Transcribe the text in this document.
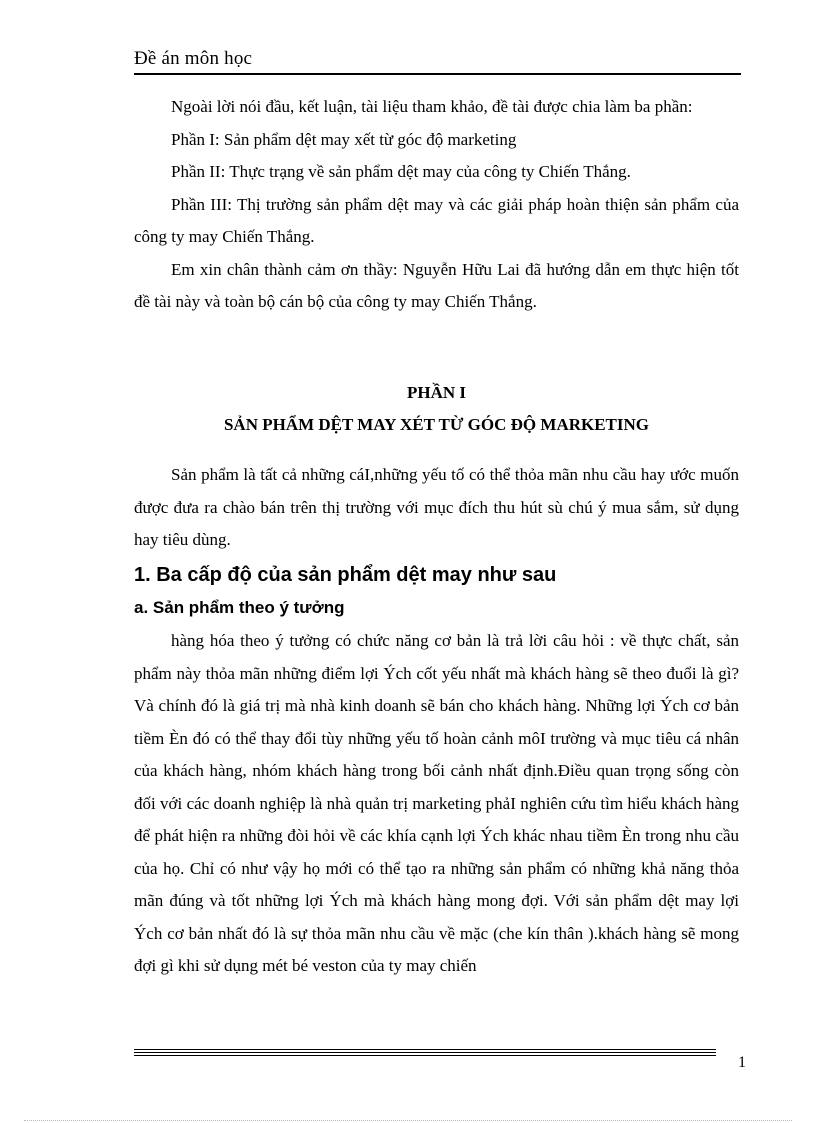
Đề án môn học

Ngoài lời nói đầu, kết luận, tài liệu tham khảo, đề tài được chia làm ba phần:

Phần I: Sản phẩm dệt may xết từ góc độ marketing

Phần II: Thực trạng về sản phẩm dệt may của công ty Chiến Thắng.

Phần III: Thị trường sản phẩm dệt may và các giải pháp hoàn thiện sản phẩm của công ty may Chiến Thắng.

Em xin chân thành cảm ơn thầy: Nguyễn Hữu Lai đã hướng dẫn em thực hiện tốt đề tài này và toàn bộ cán bộ của công ty may Chiến Thắng.

PHẦN I
SẢN PHẨM DỆT MAY XÉT TỪ GÓC ĐỘ MARKETING

Sản phẩm là tất cả những cáI,những yếu tố có thể thỏa mãn nhu cầu hay ước muốn được đưa ra chào bán trên thị trường với mục đích thu hút sù chú ý mua sắm, sử dụng hay tiêu dùng.

1. Ba cấp độ của sản phẩm dệt may như sau
a. Sản phẩm theo ý tưởng

hàng hóa theo ý tưởng có chức năng cơ bản là trả lời câu hỏi : về thực chất, sản phẩm này thỏa mãn những điểm lợi Ých cốt yếu nhất mà khách hàng sẽ theo đuổi là gì? Và chính đó là giá trị mà nhà kinh doanh sẽ bán cho khách hàng. Những lợi Ých cơ bản tiềm Èn đó có thể thay đổi tùy những yếu tố hoàn cảnh môI trường và mục tiêu cá nhân của khách hàng, nhóm khách hàng trong bối cảnh nhất định.Điều quan trọng sống còn đối với các doanh nghiệp là nhà quản trị marketing phảI nghiên cứu tìm hiểu khách hàng để phát hiện ra những đòi hỏi về các khía cạnh lợi Ých khác nhau tiềm Èn trong nhu cầu của họ. Chỉ có như vậy họ mới có thể tạo ra những sản phẩm có những khả năng thỏa mãn đúng và tốt những lợi Ých mà khách hàng mong đợi. Với sản phẩm dệt may lợi Ých cơ bản nhất đó là sự thỏa mãn nhu cầu về mặc (che kín thân ).khách hàng sẽ mong đợi gì khi sử dụng mét bé veston của ty may chiến

1
